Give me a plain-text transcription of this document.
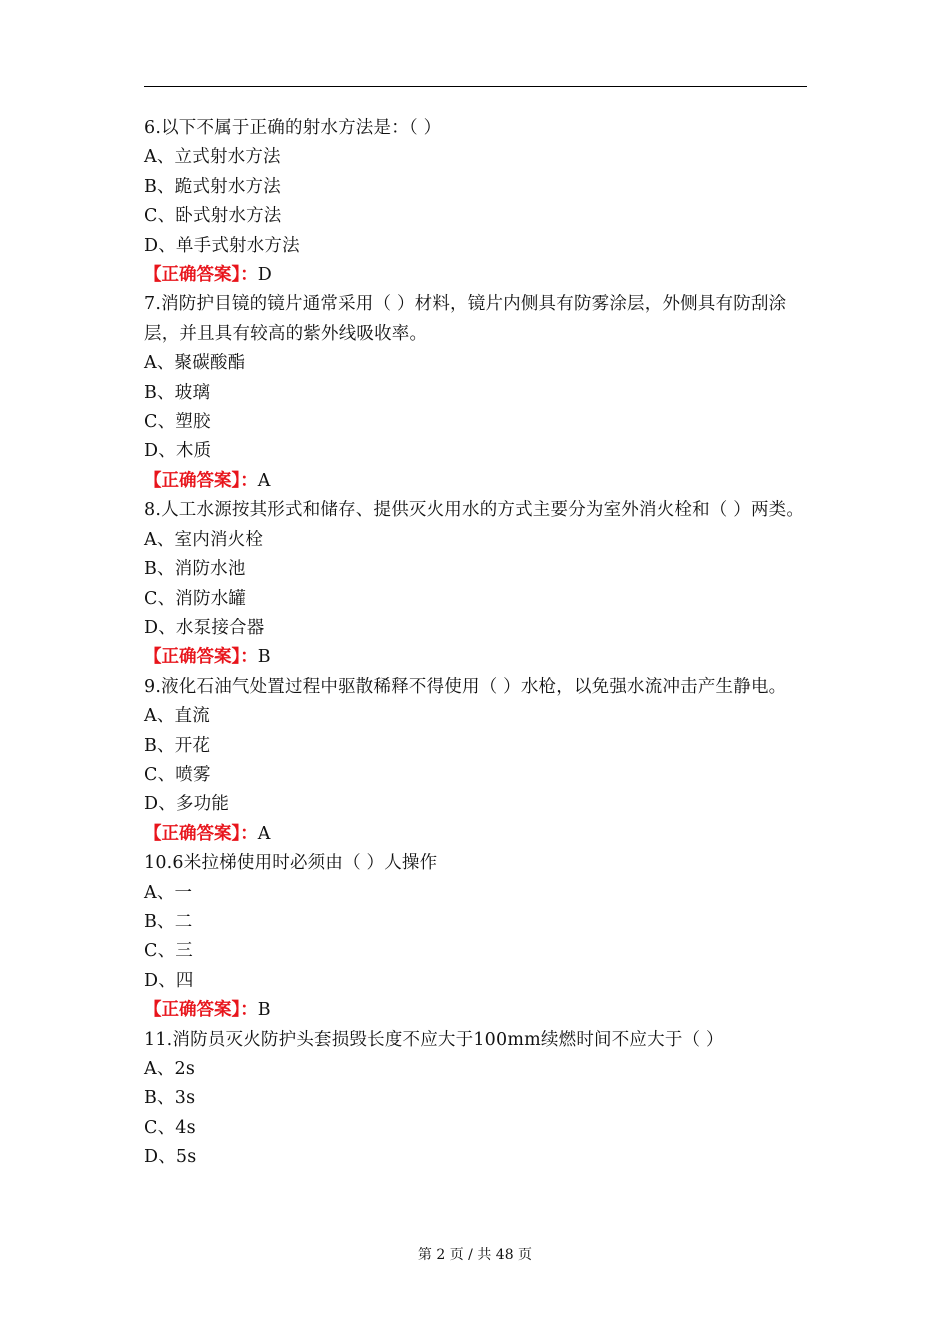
6.以下不属于正确的射水方法是：（ ）
A、立式射水方法
B、跪式射水方法
C、卧式射水方法
D、单手式射水方法
【正确答案】：D
7.消防护目镜的镜片通常采用（ ）材料，镜片内侧具有防雾涂层，外侧具有防刮涂层，并且具有较高的紫外线吸收率。
A、聚碳酸酯
B、玻璃
C、塑胶
D、木质
【正确答案】：A
8.人工水源按其形式和储存、提供灭火用水的方式主要分为室外消火栓和（ ）两类。
A、室内消火栓
B、消防水池
C、消防水罐
D、水泵接合器
【正确答案】：B
9.液化石油气处置过程中驱散稀释不得使用（ ）水枪，以免强水流冲击产生静电。
A、直流
B、开花
C、喷雾
D、多功能
【正确答案】：A
10.6米拉梯使用时必须由（ ）人操作
A、一
B、二
C、三
D、四
【正确答案】：B
11.消防员灭火防护头套损毁长度不应大于100mm续燃时间不应大于（ ）
A、2s
B、3s
C、4s
D、5s
第 2 页 / 共 48 页
